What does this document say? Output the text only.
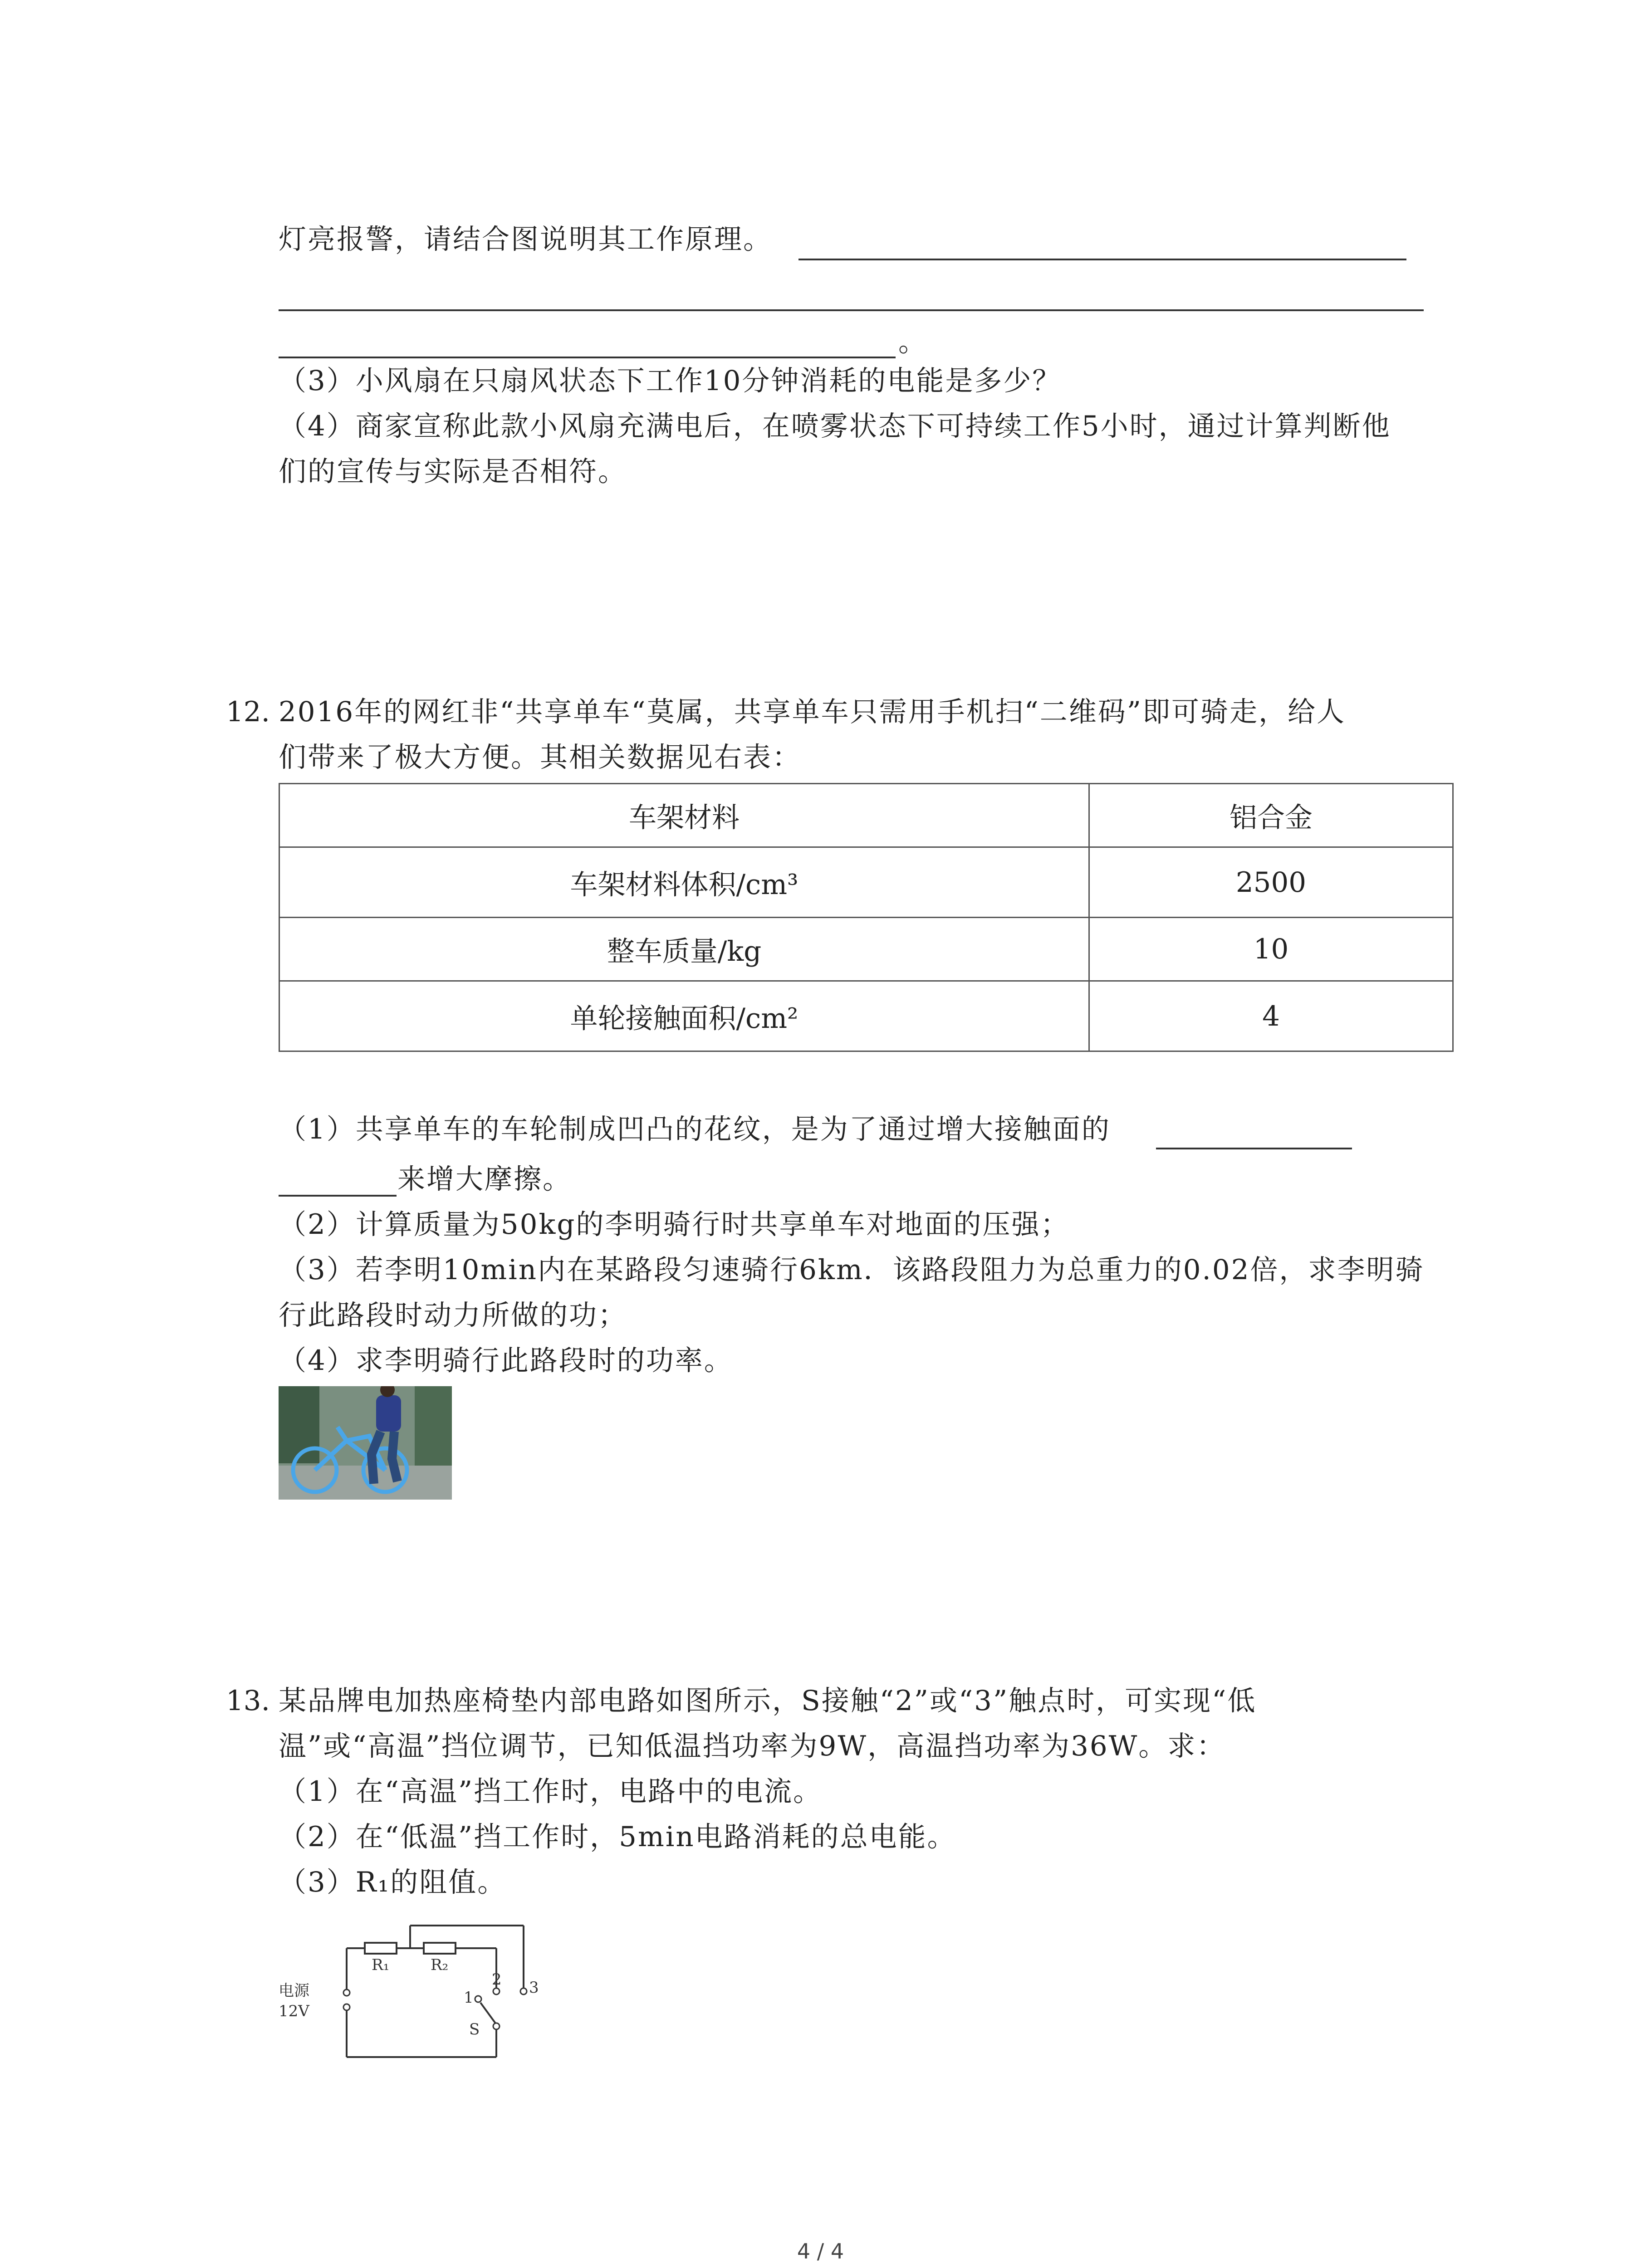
灯亮报警，请结合图说明其工作原理。
。
（3）小风扇在只扇风状态下工作10分钟消耗的电能是多少？
（4）商家宣称此款小风扇充满电后，在喷雾状态下可持续工作5小时，通过计算判断他
们的宣传与实际是否相符。
12. 2016年的网红非“共享单车“莫属，共享单车只需用手机扫“二维码”即可骑走，给人
们带来了极大方便。其相关数据见右表：
车架材料	铝合金
车架材料体积/cm³	2500
整车质量/kg	10
单轮接触面积/cm²	4
（1）共享单车的车轮制成凹凸的花纹，是为了通过增大接触面的
来增大摩擦。
（2）计算质量为50kg的李明骑行时共享单车对地面的压强；
（3）若李明10min内在某路段匀速骑行6km．该路段阻力为总重力的0.02倍，求李明骑
行此路段时动力所做的功；
（4）求李明骑行此路段时的功率。
13. 某品牌电加热座椅垫内部电路如图所示，S接触“2”或“3”触点时，可实现“低
温”或“高温”挡位调节，已知低温挡功率为9W，高温挡功率为36W。求：
（1）在“高温”挡工作时，电路中的电流。
（2）在“低温”挡工作时，5min电路消耗的总电能。
（3）R₁的阻值。
R₁	R₂
1
2 3
S
电源
12V
4 / 4
